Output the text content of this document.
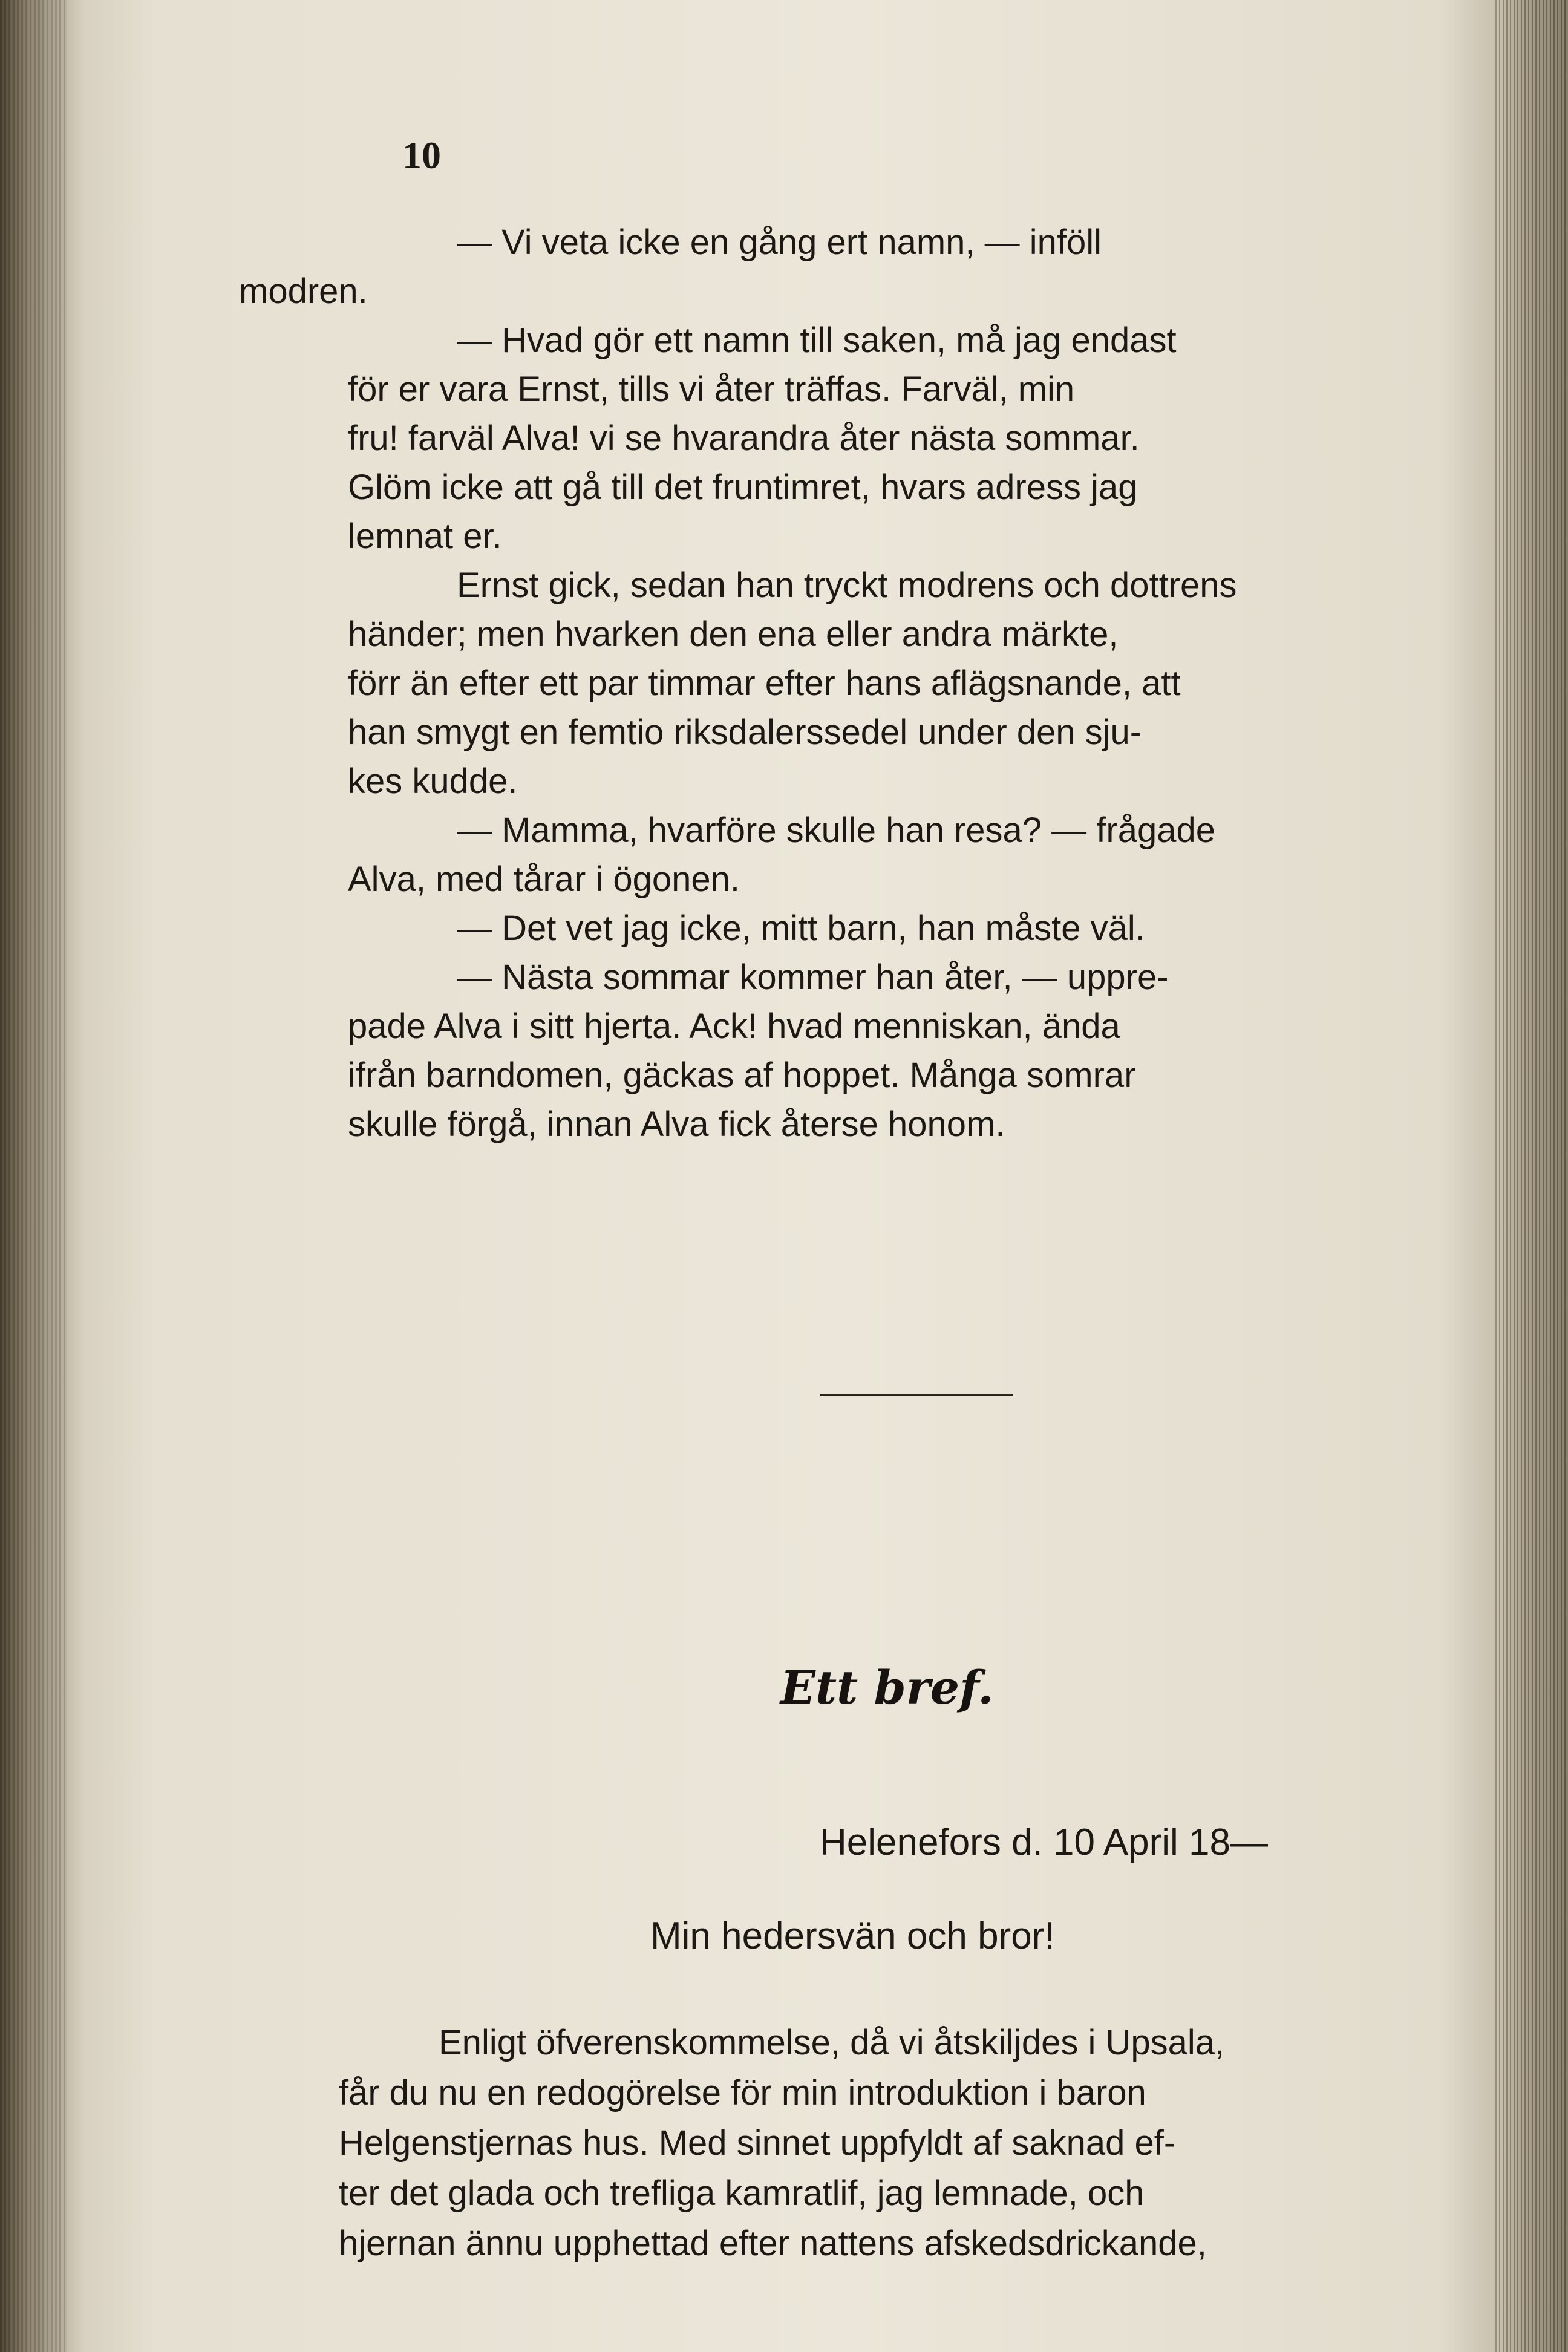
10

— Vi veta icke en gång ert namn, — inföll
modren.

— Hvad gör ett namn till saken, må jag endast
för er vara Ernst, tills vi åter träffas. Farväl, min
fru! farväl Alva! vi se hvarandra åter nästa sommar.
Glöm icke att gå till det fruntimret, hvars adress jag
lemnat er.

Ernst gick, sedan han tryckt modrens och dottrens
händer; men hvarken den ena eller andra märkte,
förr än efter ett par timmar efter hans aflägsnande, att
han smygt en femtio riksdalerssedel under den sju-
kes kudde.

— Mamma, hvarföre skulle han resa? — frågade
Alva, med tårar i ögonen.

— Det vet jag icke, mitt barn, han måste väl.

— Nästa sommar kommer han åter, — uppre-
pade Alva i sitt hjerta. Ack! hvad menniskan, ända
ifrån barndomen, gäckas af hoppet. Många somrar
skulle förgå, innan Alva fick återse honom.

Ett bref.
Helenefors d. 10 April 18—
Min hedersvän och bror!
Enligt öfverenskommelse, då vi åtskiljdes i Upsala,
får du nu en redogörelse för min introduktion i baron
Helgenstjernas hus. Med sinnet uppfyldt af saknad ef-
ter det glada och trefliga kamratlif, jag lemnade, och
hjernan ännu upphettad efter nattens afskedsdrickande,
